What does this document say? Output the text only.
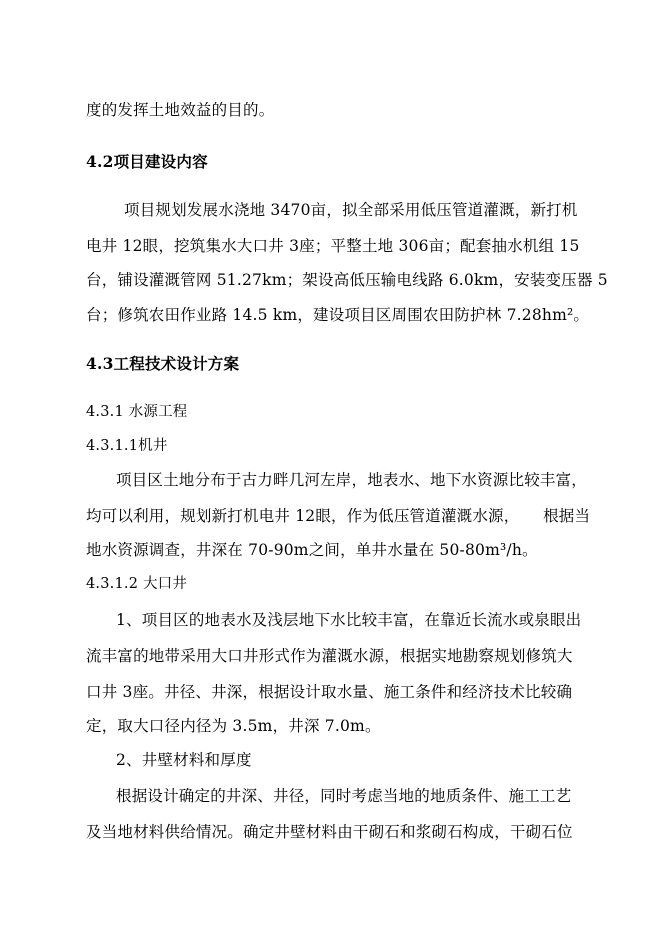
度的发挥土地效益的目的。
4.2项目建设内容
项目规划发展水浇地 3470亩，拟全部采用低压管道灌溉，新打机
电井 12眼，挖筑集水大口井 3座；平整土地 306亩；配套抽水机组 15
台，铺设灌溉管网 51.27km；架设高低压输电线路 6.0km，安装变压器 5
台；修筑农田作业路 14.5 km，建设项目区周围农田防护林 7.28hm²。
4.3工程技术设计方案
4.3.1 水源工程
4.3.1.1机井
项目区土地分布于古力畔几河左岸，地表水、地下水资源比较丰富，
均可以利用，规划新打机电井 12眼，作为低压管道灌溉水源，　　根据当
地水资源调查，井深在 70-90m之间，单井水量在 50-80m³/h。
4.3.1.2 大口井
1、项目区的地表水及浅层地下水比较丰富，在靠近长流水或泉眼出
流丰富的地带采用大口井形式作为灌溉水源，根据实地勘察规划修筑大
口井 3座。井径、井深，根据设计取水量、施工条件和经济技术比较确
定，取大口径内径为 3.5m，井深 7.0m。
2、井壁材料和厚度
根据设计确定的井深、井径，同时考虑当地的地质条件、施工工艺
及当地材料供给情况。确定井壁材料由干砌石和浆砌石构成，干砌石位
